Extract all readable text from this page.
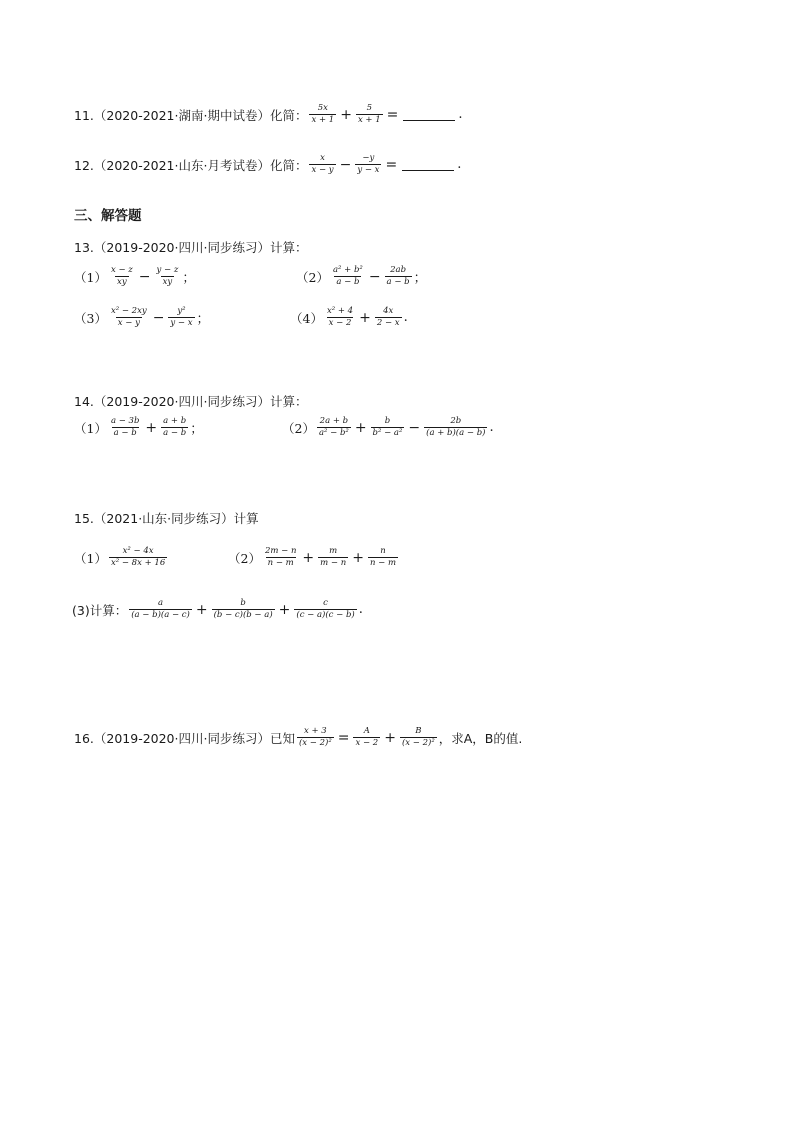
11.（2020-2021·湖南·期中试卷）化简： $\frac{5x}{x + 1} + \frac{5}{x + 1}$ =	.
12.（2020-2021·山东·月考试卷）化简： $\frac{x}{x - y} - \frac{-y}{y - x}$ =	.
三、解答题
13.（2019-2020·四川·同步练习）计算：
$(1) \frac{x - z}{xy} - \frac{y - z}{xy}$ ；	$(2) \frac{\text{a² + b²}}{a - b} - \frac{2ab}{a - b}$ ；
$(3) \frac{\text{x² − 2xy}}{x - y} - \frac{\text{y²}}{y - x}$ ；	$(4) \frac{\text{x² + 4}}{x - 2} + \frac{4x}{2 - x}$ .
14.（2019-2020·四川·同步练习）计算：
$(1) \frac{a - 3b}{a - b} + \frac{a + b}{a - b}$ ；	$(2) \frac{2a + b}{\text{a² − b²}} + \frac{b}{\text{b² − a²}} - \frac{2b}{(a + b)(a - b)}$ .
15.（2021·山东·同步练习）计算
$(1) \frac{\text{x² − 4x}}{\text{x² − 8x + 16}}$	$(2) \frac{2m - n}{n - m} + \frac{m}{m - n} + \frac{n}{n - m}$
(3)计算： $\frac{a}{(a - b)(a - c)} + \frac{b}{(b - c)(b - a)} + \frac{c}{(c - a)(c - b)}$ .
16.（2019-2020·四川·同步练习）已知 $\frac{x + 3}{\text{(x − 2)²}} = \frac{A}{x - 2} + \frac{B}{\text{(x − 2)²}}$ ，求A，B的值.
